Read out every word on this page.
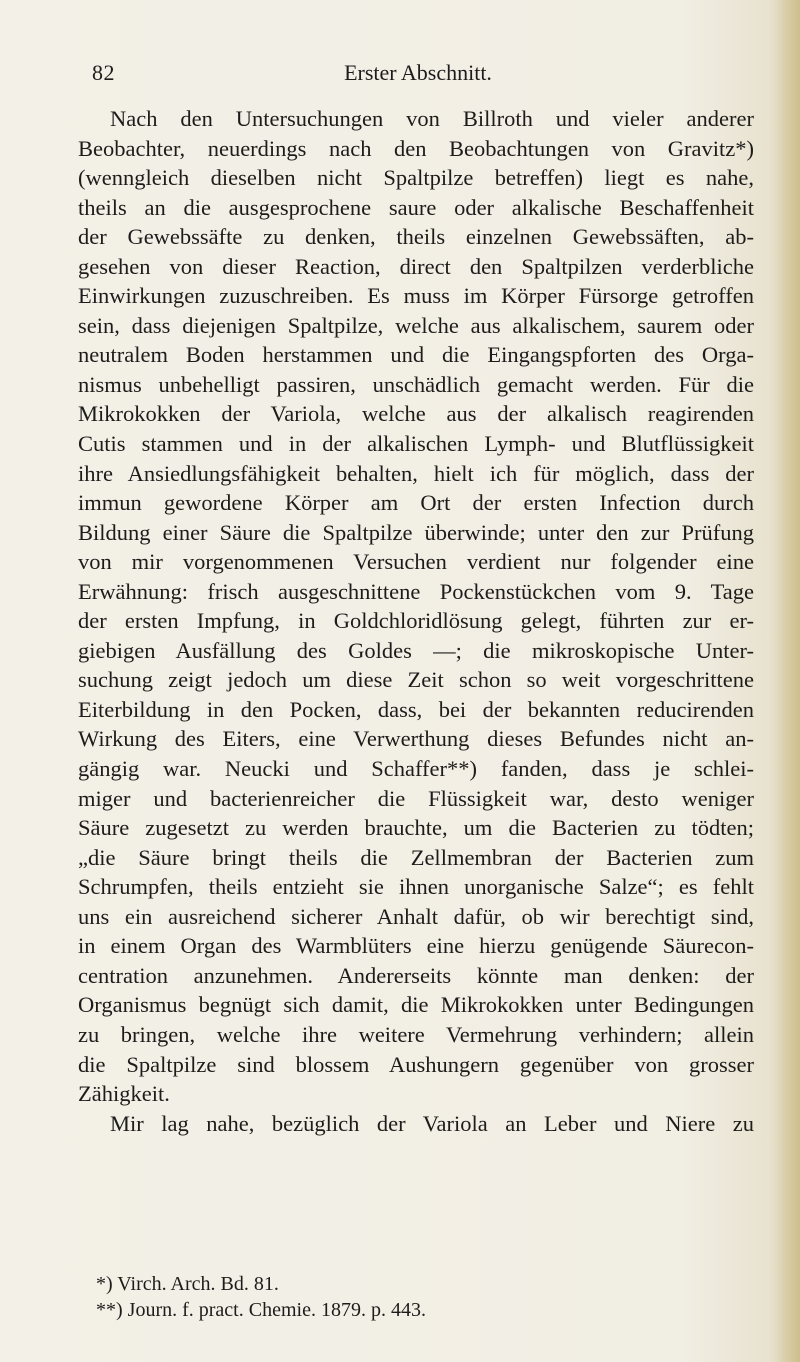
82	Erster Abschnitt.
Nach den Untersuchungen von Billroth und vieler anderer
Beobachter, neuerdings nach den Beobachtungen von Gravitz*)
(wenngleich dieselben nicht Spaltpilze betreffen) liegt es nahe,
theils an die ausgesprochene saure oder alkalische Beschaffenheit
der Gewebssäfte zu denken, theils einzelnen Gewebssäften, ab-
gesehen von dieser Reaction, direct den Spaltpilzen verderbliche
Einwirkungen zuzuschreiben. Es muss im Körper Fürsorge getroffen
sein, dass diejenigen Spaltpilze, welche aus alkalischem, saurem oder
neutralem Boden herstammen und die Eingangspforten des Orga-
nismus unbehelligt passiren, unschädlich gemacht werden. Für die
Mikrokokken der Variola, welche aus der alkalisch reagirenden
Cutis stammen und in der alkalischen Lymph- und Blutflüssigkeit
ihre Ansiedlungsfähigkeit behalten, hielt ich für möglich, dass der
immun gewordene Körper am Ort der ersten Infection durch
Bildung einer Säure die Spaltpilze überwinde; unter den zur Prüfung
von mir vorgenommenen Versuchen verdient nur folgender eine
Erwähnung: frisch ausgeschnittene Pockenstückchen vom 9. Tage
der ersten Impfung, in Goldchloridlösung gelegt, führten zur er-
giebigen Ausfällung des Goldes —; die mikroskopische Unter-
suchung zeigt jedoch um diese Zeit schon so weit vorgeschrittene
Eiterbildung in den Pocken, dass, bei der bekannten reducirenden
Wirkung des Eiters, eine Verwerthung dieses Befundes nicht an-
gängig war. Neucki und Schaffer**) fanden, dass je schlei-
miger und bacterienreicher die Flüssigkeit war, desto weniger
Säure zugesetzt zu werden brauchte, um die Bacterien zu tödten;
„die Säure bringt theils die Zellmembran der Bacterien zum
Schrumpfen, theils entzieht sie ihnen unorganische Salze“; es fehlt
uns ein ausreichend sicherer Anhalt dafür, ob wir berechtigt sind,
in einem Organ des Warmblüters eine hierzu genügende Säurecon-
centration anzunehmen. Andererseits könnte man denken: der
Organismus begnügt sich damit, die Mikrokokken unter Bedingungen
zu bringen, welche ihre weitere Vermehrung verhindern; allein
die Spaltpilze sind blossem Aushungern gegenüber von grosser
Zähigkeit.
Mir lag nahe, bezüglich der Variola an Leber und Niere zu
*) Virch. Arch. Bd. 81.
**) Journ. f. pract. Chemie. 1879. p. 443.
